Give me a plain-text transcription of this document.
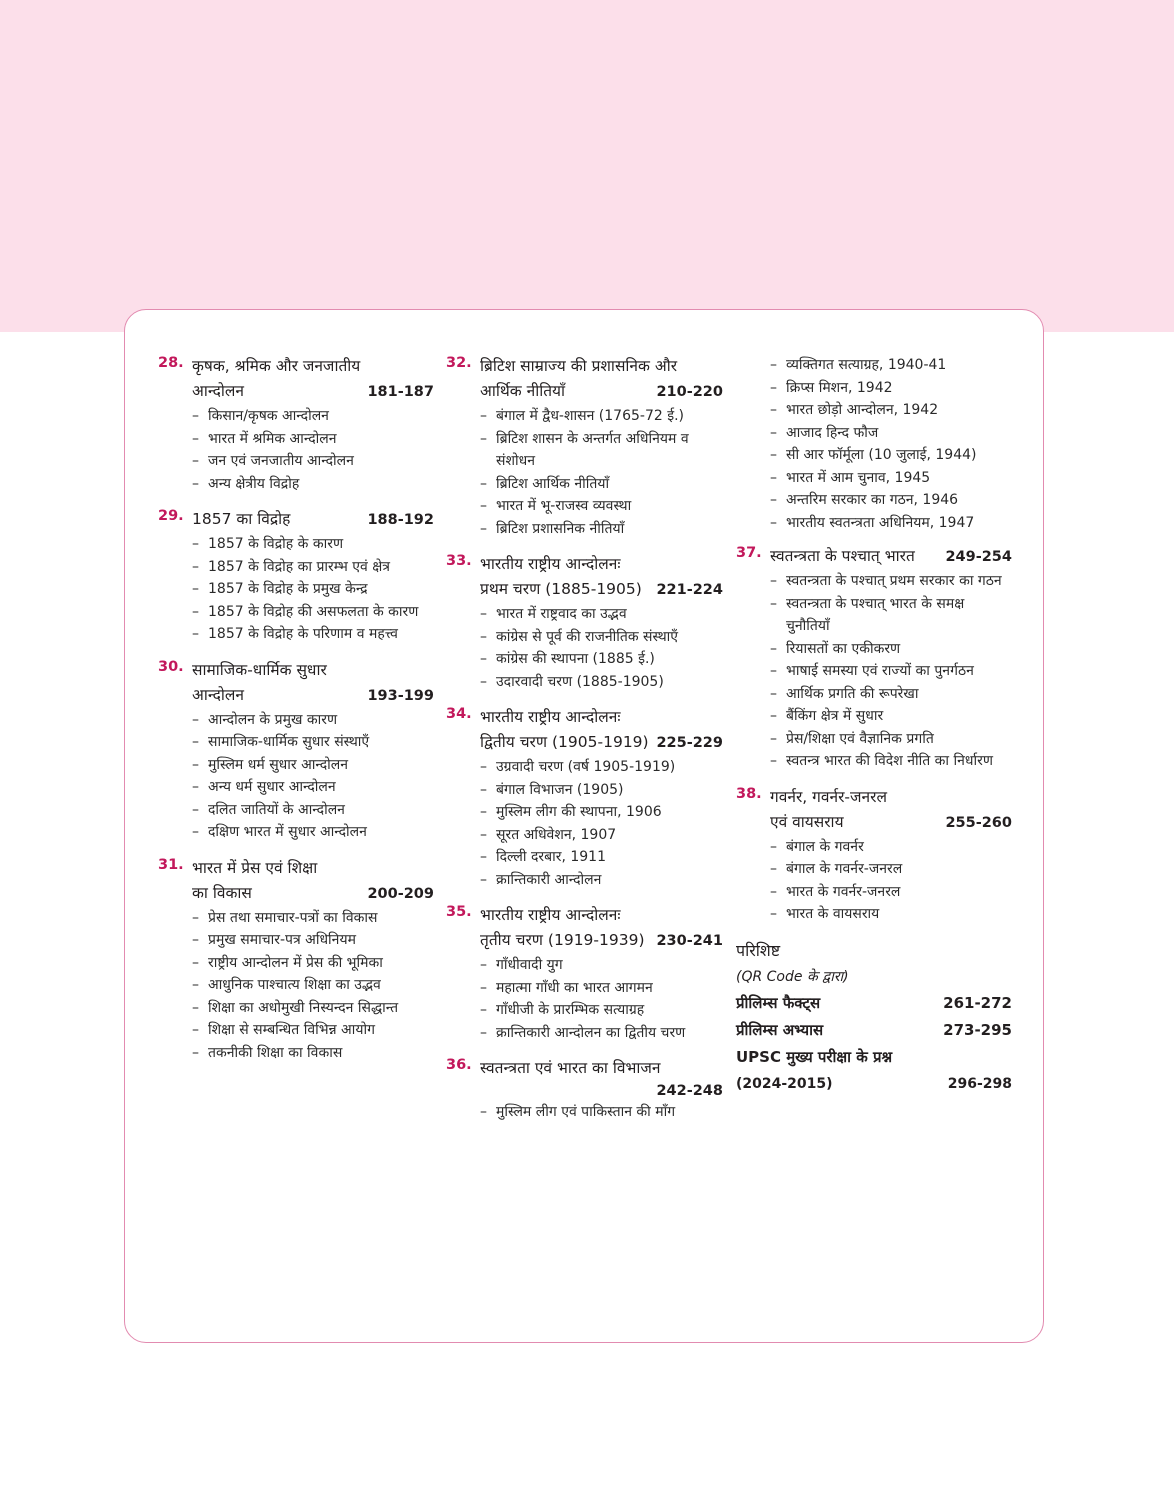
28. कृषक, श्रमिक और जनजातीय
आन्दोलन	181-187
– किसान/कृषक आन्दोलन
– भारत में श्रमिक आन्दोलन
– जन एवं जनजातीय आन्दोलन
– अन्य क्षेत्रीय विद्रोह
29. 1857 का विद्रोह	188-192
– 1857 के विद्रोह के कारण
– 1857 के विद्रोह का प्रारम्भ एवं क्षेत्र
– 1857 के विद्रोह के प्रमुख केन्द्र
– 1857 के विद्रोह की असफलता के कारण
– 1857 के विद्रोह के परिणाम व महत्त्व
30. सामाजिक-धार्मिक सुधार
आन्दोलन	193-199
– आन्दोलन के प्रमुख कारण
– सामाजिक-धार्मिक सुधार संस्थाएँ
– मुस्लिम धर्म सुधार आन्दोलन
– अन्य धर्म सुधार आन्दोलन
– दलित जातियों के आन्दोलन
– दक्षिण भारत में सुधार आन्दोलन
31. भारत में प्रेस एवं शिक्षा
का विकास	200-209
– प्रेस तथा समाचार-पत्रों का विकास
– प्रमुख समाचार-पत्र अधिनियम
– राष्ट्रीय आन्दोलन में प्रेस की भूमिका
– आधुनिक पाश्चात्य शिक्षा का उद्भव
– शिक्षा का अधोमुखी निस्यन्दन सिद्धान्त
– शिक्षा से सम्बन्धित विभिन्न आयोग
– तकनीकी शिक्षा का विकास
32. ब्रिटिश साम्राज्य की प्रशासनिक और
आर्थिक नीतियाँ	210-220
– बंगाल में द्वैध-शासन (1765-72 ई.)
– ब्रिटिश शासन के अन्तर्गत अधिनियम व संशोधन
– ब्रिटिश आर्थिक नीतियाँ
– भारत में भू-राजस्व व्यवस्था
– ब्रिटिश प्रशासनिक नीतियाँ
33. भारतीय राष्ट्रीय आन्दोलनः
प्रथम चरण (1885-1905)	221-224
– भारत में राष्ट्रवाद का उद्भव
– कांग्रेस से पूर्व की राजनीतिक संस्थाएँ
– कांग्रेस की स्थापना (1885 ई.)
– उदारवादी चरण (1885-1905)
34. भारतीय राष्ट्रीय आन्दोलनः
द्वितीय चरण (1905-1919) 225-229
– उग्रवादी चरण (वर्ष 1905-1919)
– बंगाल विभाजन (1905)
– मुस्लिम लीग की स्थापना, 1906
– सूरत अधिवेशन, 1907
– दिल्ली दरबार, 1911
– क्रान्तिकारी आन्दोलन
35. भारतीय राष्ट्रीय आन्दोलनः
तृतीय चरण (1919-1939) 230-241
– गाँधीवादी युग
– महात्मा गाँधी का भारत आगमन
– गाँधीजी के प्रारम्भिक सत्याग्रह
– क्रान्तिकारी आन्दोलन का द्वितीय चरण
36. स्वतन्त्रता एवं भारत का विभाजन
242-248
– मुस्लिम लीग एवं पाकिस्तान की माँग
– व्यक्तिगत सत्याग्रह, 1940-41
– क्रिप्स मिशन, 1942
– भारत छोड़ो आन्दोलन, 1942
– आजाद हिन्द फौज
– सी आर फॉर्मूला (10 जुलाई, 1944)
– भारत में आम चुनाव, 1945
– अन्तरिम सरकार का गठन, 1946
– भारतीय स्वतन्त्रता अधिनियम, 1947
37. स्वतन्त्रता के पश्चात् भारत	249-254
– स्वतन्त्रता के पश्चात् प्रथम सरकार का गठन
– स्वतन्त्रता के पश्चात् भारत के समक्ष चुनौतियाँ
– रियासतों का एकीकरण
– भाषाई समस्या एवं राज्यों का पुनर्गठन
– आर्थिक प्रगति की रूपरेखा
– बैंकिंग क्षेत्र में सुधार
– प्रेस/शिक्षा एवं वैज्ञानिक प्रगति
– स्वतन्त्र भारत की विदेश नीति का निर्धारण
38. गवर्नर, गवर्नर-जनरल
एवं वायसराय	255-260
– बंगाल के गवर्नर
– बंगाल के गवर्नर-जनरल
– भारत के गवर्नर-जनरल
– भारत के वायसराय
परिशिष्ट
(QR Code के द्वारा)
प्रीलिम्स फैक्ट्स	261-272
प्रीलिम्स अभ्यास	273-295
UPSC मुख्य परीक्षा के प्रश्न
(2024-2015)	296-298
